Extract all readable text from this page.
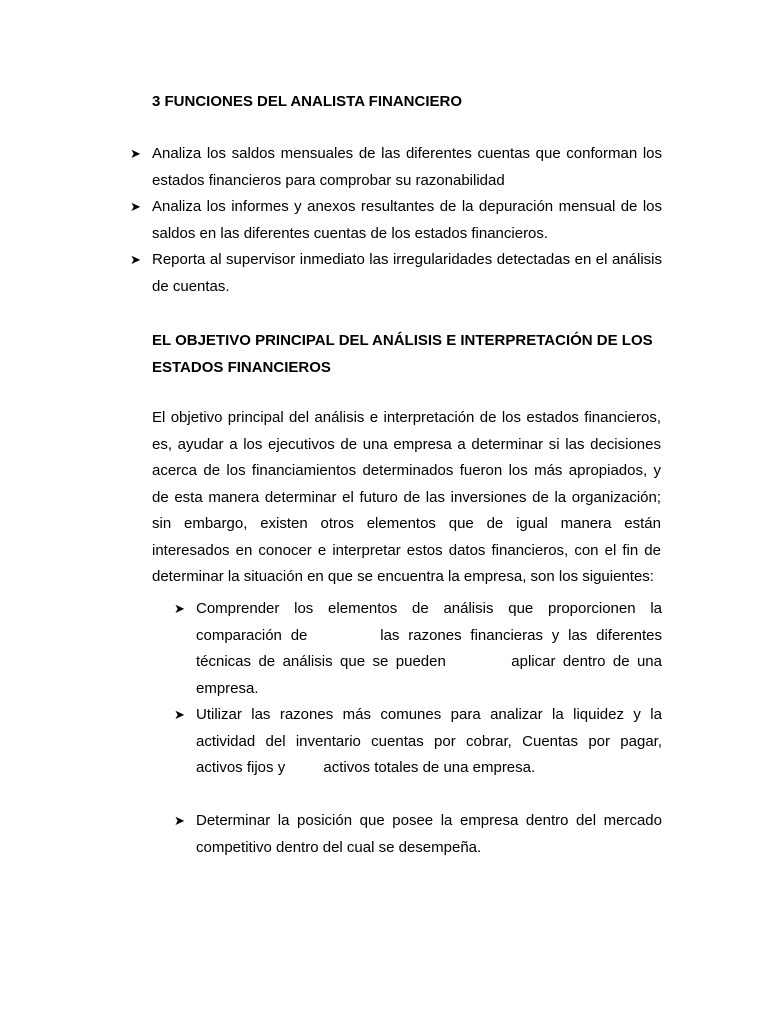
3 FUNCIONES DEL ANALISTA FINANCIERO

➤ Analiza los saldos mensuales de las diferentes cuentas que conforman los estados financieros para comprobar su razonabilidad
➤ Analiza los informes y anexos resultantes de la depuración mensual de los saldos en las diferentes cuentas de los estados financieros.
➤ Reporta al supervisor inmediato las irregularidades detectadas en el análisis de cuentas.

EL OBJETIVO PRINCIPAL DEL ANÁLISIS E INTERPRETACIÓN DE LOS ESTADOS FINANCIEROS

El objetivo principal del análisis e interpretación de los estados financieros, es, ayudar a los ejecutivos de una empresa a determinar si las decisiones acerca de los financiamientos determinados fueron los más apropiados, y de esta manera determinar el futuro de las inversiones de la organización; sin embargo, existen otros elementos que de igual manera están interesados en conocer e interpretar estos datos financieros, con el fin de determinar la situación en que se encuentra la empresa, son los siguientes:

➤ Comprender los elementos de análisis que proporcionen la comparación de	las razones financieras y las diferentes técnicas de análisis que se pueden	aplicar dentro de una empresa.
➤ Utilizar las razones más comunes para analizar la liquidez y la actividad del inventario cuentas por cobrar, Cuentas por pagar, activos fijos y	activos totales de una empresa.
➤ Determinar la posición que posee la empresa dentro del mercado competitivo dentro del cual se desempeña.
